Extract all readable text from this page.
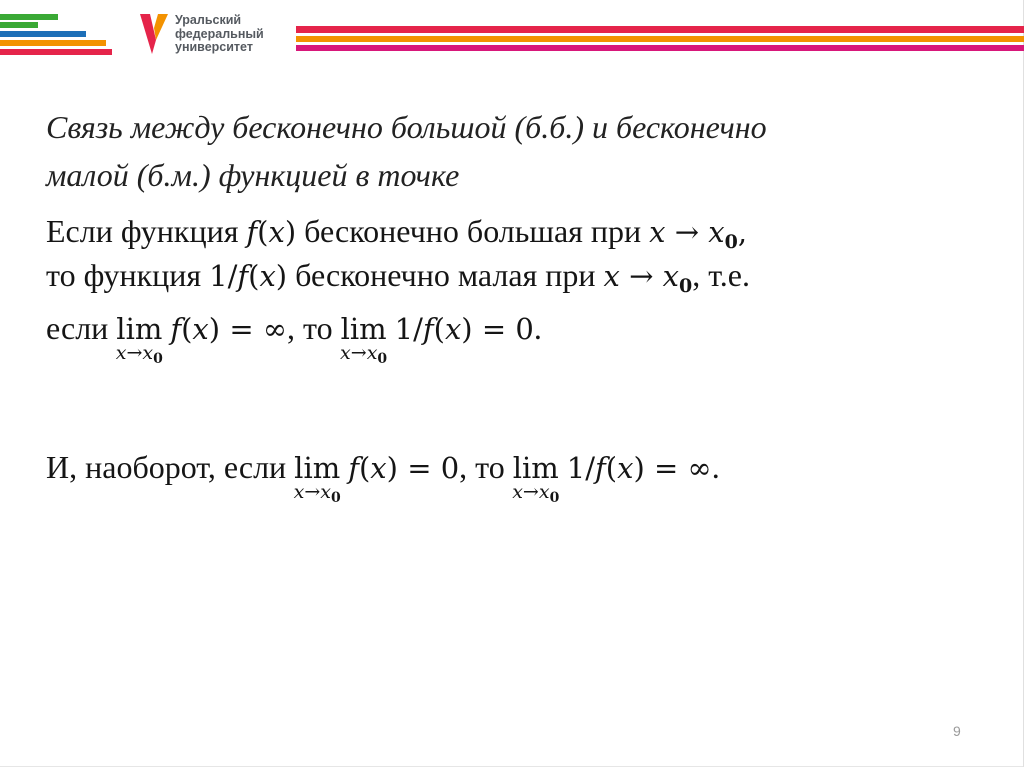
Уральский
федеральный
университет
Связь между бесконечно большой (б.б.) и бесконечно
малой (б.м.) функцией в точке
Если функция f(x) бесконечно большая при $x \to x_0$,
то функция 1/f(x) бесконечно малая при $x \to x_0$, т.е.
если lim
$x\to x_0$
f(x) = ∞, то lim
$x\to x_0$
1/f(x) = 0.
И, наоборот, если lim
$x\to x_0$
f(x) = 0, то lim
$x\to x_0$
1/f(x) = ∞.
9
